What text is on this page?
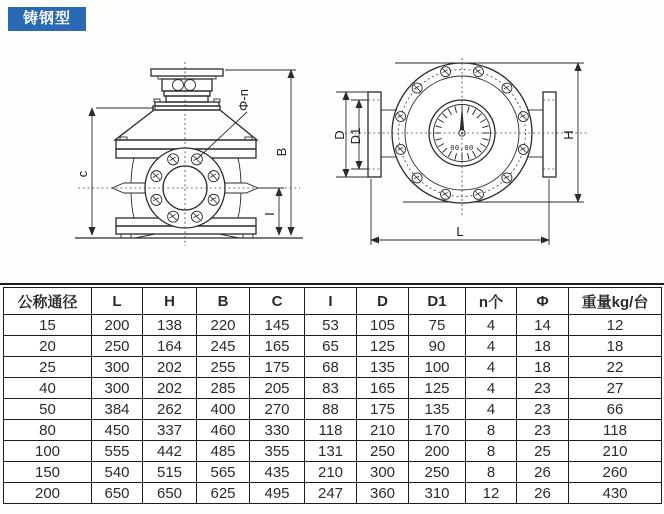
铸钢型
c
B
I
Φ-n
00,00
D D1	H
L
公称通径	L	H	B	C	I	D	D1	n个	Φ	重量kg/台
15	200	138	220	145	53	105	75	4	14	12
20	250	164	245	165	65	125	90	4	18	18
25	300	202	255	175	68	135	100	4	18	22
40	300	202	285	205	83	165	125	4	23	27
50	384	262	400	270	88	175	135	4	23	66
80	450	337	460	330	118	210	170	8	23	118
100	555	442	485	355	131	250	200	8	25	210
150	540	515	565	435	210	300	250	8	26	260
200	650	650	625	495	247	360	310	12	26	430
